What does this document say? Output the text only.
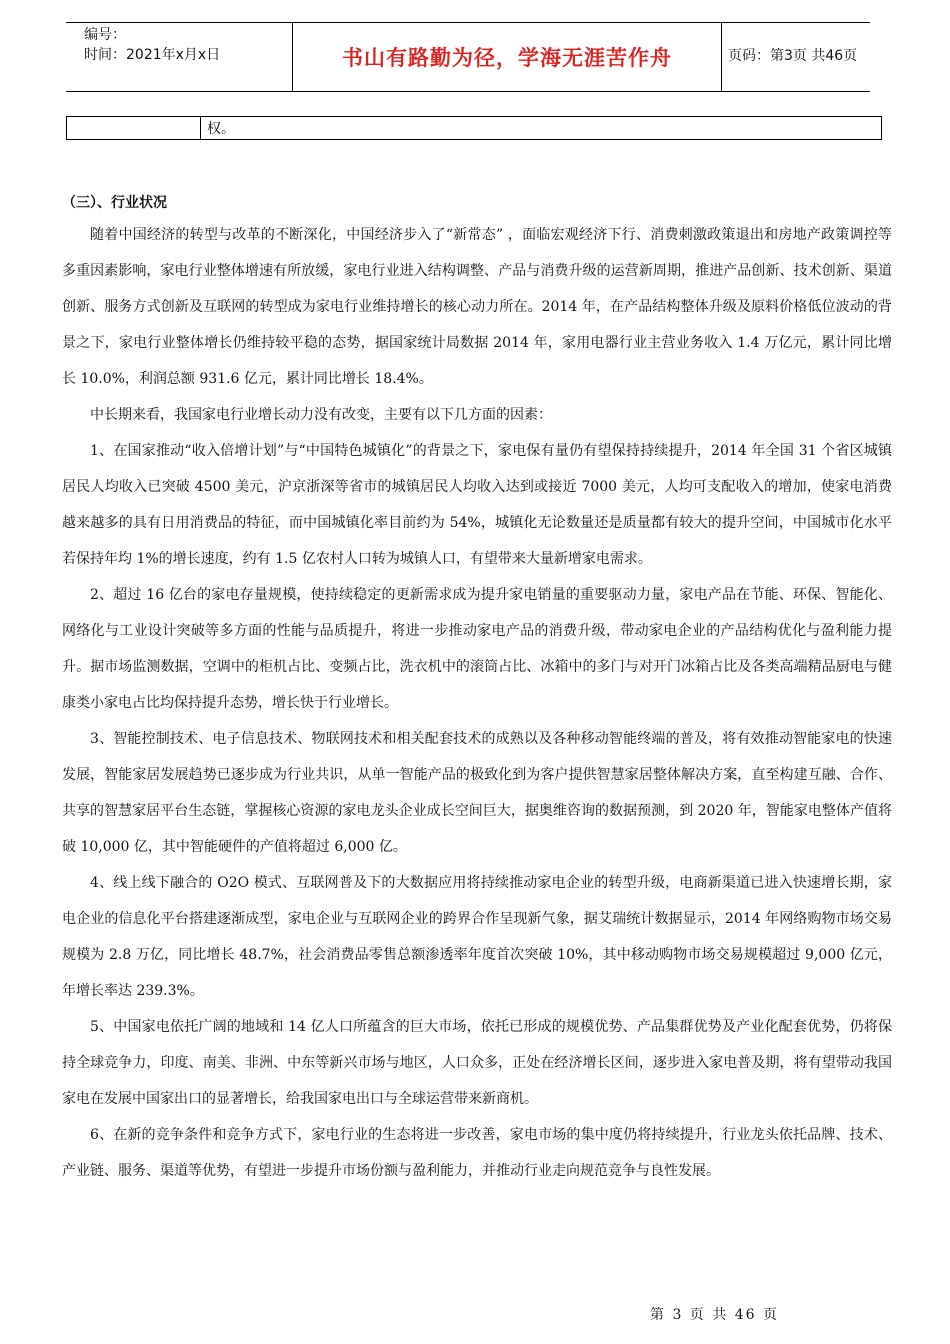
编号：
时间：2021年x月x日	书山有路勤为径，学海无涯苦作舟	页码：第3页 共46页
权。
（三）、行业状况

随着中国经济的转型与改革的不断深化，中国经济步入了“新常态” ，面临宏观经济下行、消费刺激政策退出和房地产政策调控等多重因素影响，家电行业整体增速有所放缓，家电行业进入结构调整、产品与消费升级的运营新周期，推进产品创新、技术创新、渠道创新、服务方式创新及互联网的转型成为家电行业维持增长的核心动力所在。2014 年，在产品结构整体升级及原料价格低位波动的背景之下，家电行业整体增长仍维持较平稳的态势，据国家统计局数据 2014 年，家用电器行业主营业务收入 1.4 万亿元，累计同比增长 10.0%，利润总额 931.6 亿元，累计同比增长 18.4%。

中长期来看，我国家电行业增长动力没有改变，主要有以下几方面的因素：

1、在国家推动“收入倍增计划”与“中国特色城镇化”的背景之下，家电保有量仍有望保持持续提升，2014 年全国 31 个省区城镇居民人均收入已突破 4500 美元，沪京浙深等省市的城镇居民人均收入达到或接近 7000 美元，人均可支配收入的增加，使家电消费越来越多的具有日用消费品的特征，而中国城镇化率目前约为 54%，城镇化无论数量还是质量都有较大的提升空间，中国城市化水平若保持年均 1%的增长速度，约有 1.5 亿农村人口转为城镇人口，有望带来大量新增家电需求。

2、超过 16 亿台的家电存量规模，使持续稳定的更新需求成为提升家电销量的重要驱动力量，家电产品在节能、环保、智能化、网络化与工业设计突破等多方面的性能与品质提升，将进一步推动家电产品的消费升级，带动家电企业的产品结构优化与盈利能力提升。据市场监测数据，空调中的柜机占比、变频占比，洗衣机中的滚筒占比、冰箱中的多门与对开门冰箱占比及各类高端精品厨电与健康类小家电占比均保持提升态势，增长快于行业增长。

3、智能控制技术、电子信息技术、物联网技术和相关配套技术的成熟以及各种移动智能终端的普及，将有效推动智能家电的快速发展，智能家居发展趋势已逐步成为行业共识，从单一智能产品的极致化到为客户提供智慧家居整体解决方案，直至构建互融、合作、共享的智慧家居平台生态链，掌握核心资源的家电龙头企业成长空间巨大，据奥维咨询的数据预测，到 2020 年，智能家电整体产值将破 10,000 亿，其中智能硬件的产值将超过 6,000 亿。

4、线上线下融合的 O2O 模式、互联网普及下的大数据应用将持续推动家电企业的转型升级，电商新渠道已进入快速增长期，家电企业的信息化平台搭建逐渐成型，家电企业与互联网企业的跨界合作呈现新气象，据艾瑞统计数据显示，2014 年网络购物市场交易规模为 2.8 万亿，同比增长 48.7%，社会消费品零售总额渗透率年度首次突破 10%，其中移动购物市场交易规模超过 9,000 亿元，年增长率达 239.3%。

5、中国家电依托广阔的地域和 14 亿人口所蕴含的巨大市场，依托已形成的规模优势、产品集群优势及产业化配套优势，仍将保持全球竞争力，印度、南美、非洲、中东等新兴市场与地区，人口众多，正处在经济增长区间，逐步进入家电普及期，将有望带动我国家电在发展中国家出口的显著增长，给我国家电出口与全球运营带来新商机。

6、在新的竞争条件和竞争方式下，家电行业的生态将进一步改善，家电市场的集中度仍将持续提升，行业龙头依托品牌、技术、产业链、服务、渠道等优势，有望进一步提升市场份额与盈利能力，并推动行业走向规范竞争与良性发展。

第 3 页 共 46 页
